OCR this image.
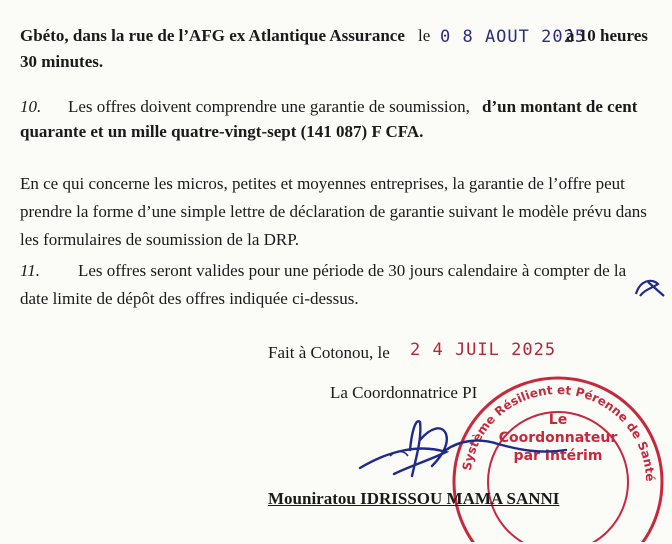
Gbéto, dans la rue de l’AFG ex Atlantique Assurance le 0 8 AOUT 2025
à 10 heures
30 minutes.
10. Les offres doivent comprendre une garantie de soumission, d’un montant de cent
quarante et un mille quatre-vingt-sept (141 087) F CFA.
En ce qui concerne les micros, petites et moyennes entreprises, la garantie de l’offre peut
prendre la forme d’une simple lettre de déclaration de garantie suivant le modèle prévu dans
les formulaires de soumission de la DRP.
11. Les offres seront valides pour une période de 30 jours calendaire à compter de la
date limite de dépôt des offres indiquée ci-dessus.
Fait à Cotonou, le 2 4 JUIL 2025
La Coordonnatrice PI
Système Résilient et Pérenne de Santé
Le
Coordonnateur
par Intérim
Mouniratou IDRISSOU MAMA SANNI
